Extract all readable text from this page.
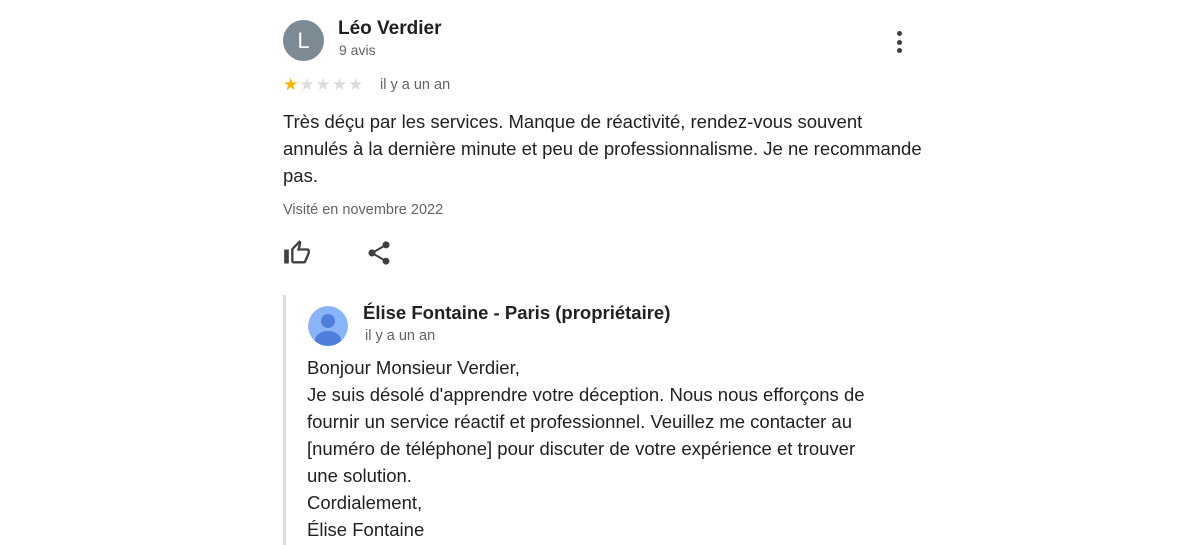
L	Léo Verdier
9 avis
★ ★ ★ ★ ★ il y a un an
Très déçu par les services. Manque de réactivité, rendez-vous souvent annulés à la dernière minute et peu de professionnalisme. Je ne recommande pas.
Visité en novembre 2022
Élise Fontaine - Paris (propriétaire)
il y a un an
Bonjour Monsieur Verdier,
Je suis désolé d'apprendre votre déception. Nous nous efforçons de
fournir un service réactif et professionnel. Veuillez me contacter au
[numéro de téléphone] pour discuter de votre expérience et trouver
une solution.
Cordialement,
Élise Fontaine
